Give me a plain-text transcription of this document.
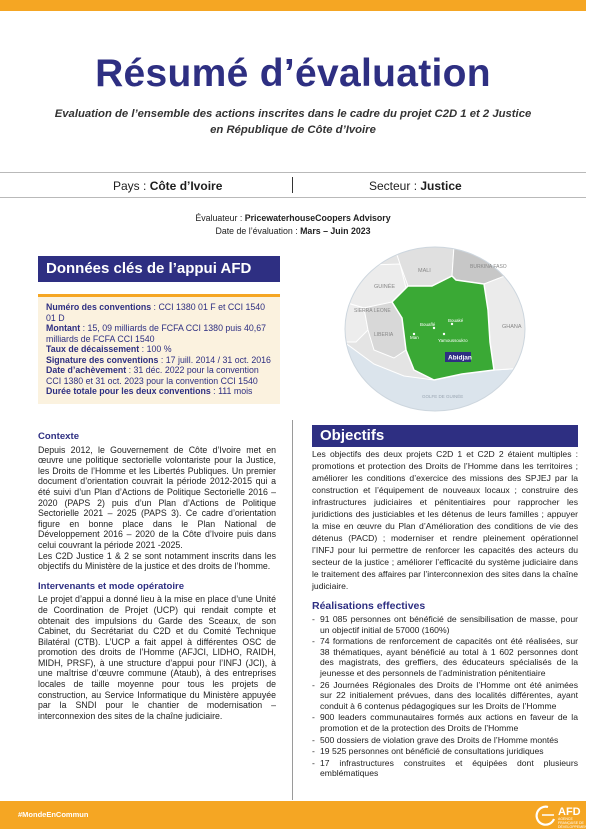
Résumé d’évaluation
Evaluation de l’ensemble des actions inscrites dans le cadre du projet C2D 1 et 2 Justice
en République de Côte d’Ivoire
Pays : Côte d’Ivoire	Secteur : Justice
Évaluateur : PricewaterhouseCoopers Advisory
Date de l’évaluation : Mars – Juin 2023
Données clés de l’appui AFD

Numéro des conventions : CCI 1380 01 F et CCI 1540 01 D

Montant : 15, 09 milliards de FCFA CCI 1380 puis 40,67 milliards de FCFA CCI 1540

Taux de décaissement : 100 %

Signature des conventions : 17 juill. 2014 / 31 oct. 2016

Date d’achèvement : 31 déc. 2022 pour la convention CCI 1380 et 31 oct. 2023 pour la convention CCI 1540

Durée totale pour les deux conventions : 111 mois

MALI
BURKINA FASO
GUINÉE
SIERRA LEONE
LIBERIA
GHANA
Bouaflé
Bouaké
Man
Yamoussoukro
Abidjan
GOLFE DE GUINÉE
Contexte

Depuis 2012, le Gouvernement de Côte d’Ivoire met en œuvre une politique sectorielle volontariste pour la Justice, les Droits de l’Homme et les Libertés Publiques. Un premier document d’orientation couvrait la période 2012-2015 qui a été suivi d’un Plan d’Actions de Politique Sectorielle 2016 – 2020 (PAPS 2) puis d’un Plan d’Actions de Politique Sectorielle 2021 – 2025 (PAPS 3). Ce cadre d’orientation figure en bonne place dans le Plan National de Développement 2016 – 2020 de la Côte d’Ivoire puis dans celui couvrant la période 2021 -2025.

Les C2D Justice 1 & 2 se sont notamment inscrits dans les objectifs du Ministère de la justice et des droits de l’homme.

Intervenants et mode opératoire

Le projet d’appui a donné lieu à la mise en place d’une Unité de Coordination de Projet (UCP) qui rendait compte et obtenait des impulsions du Garde des Sceaux, de son Cabinet, du Secrétariat du C2D et du Comité Technique Bilatéral (CTB). L’UCP a fait appel à différentes OSC de promotion des droits de l’Homme (AFJCI, LIDHO, RAIDH, MIDH, PRSF), à une structure d’appui pour l’INFJ (JCI), à une maîtrise d’œuvre commune (Ataub), à des entreprises locales de taille moyenne pour tous les projets de construction, au Service Informatique du Ministère appuyée par la SNDI pour le chantier de modernisation – interconnexion des sites de la chaîne judiciaire.

Objectifs

Les objectifs des deux projets C2D 1 et C2D 2 étaient multiples : promotions et protection des Droits de l’Homme dans les territoires ; améliorer les conditions d’exercice des missions des SPJEJ par la construction et l’équipement de nouveaux locaux ; construire des infrastructures judiciaires et pénitentiaires pour rapprocher les juridictions des justiciables et les détenus de leurs familles ; appuyer la mise en œuvre du Plan d’Amélioration des conditions de vie des détenus (PACD) ; moderniser et rendre pleinement opérationnel l’INFJ pour lui permettre de renforcer les capacités des acteurs du secteur de la justice ; améliorer l’efficacité du système judiciaire dans le traitement des affaires par l’interconnexion des sites dans la chaîne judiciaire.

Réalisations effectives
- 91 085 personnes ont bénéficié de sensibilisation de masse, pour un objectif initial de 57000 (160%)
- 74 formations de renforcement de capacités ont été réalisées, sur 38 thématiques, ayant bénéficié au total à 1 602 personnes dont des magistrats, des greffiers, des éducateurs spécialisés de la jeunesse et des personnels de l’administration pénitentiaire
- 26 Journées Régionales des Droits de l’Homme ont été animées sur 22 initialement prévues, dans des localités différentes, ayant conduit à 6 contenus pédagogiques sur les Droits de l’Homme
- 900 leaders communautaires formés aux actions en faveur de la promotion et de la protection des Droits de l’Homme
- 500 dossiers de violation grave des Droits de l’Homme montés
- 19 525 personnes ont bénéficié de consultations juridiques
- 17 infrastructures construites et équipées dont plusieurs emblématiques
#MondeEnCommun	AFD
AGENCE FRANÇAISE DE DÉVELOPPEMENT
